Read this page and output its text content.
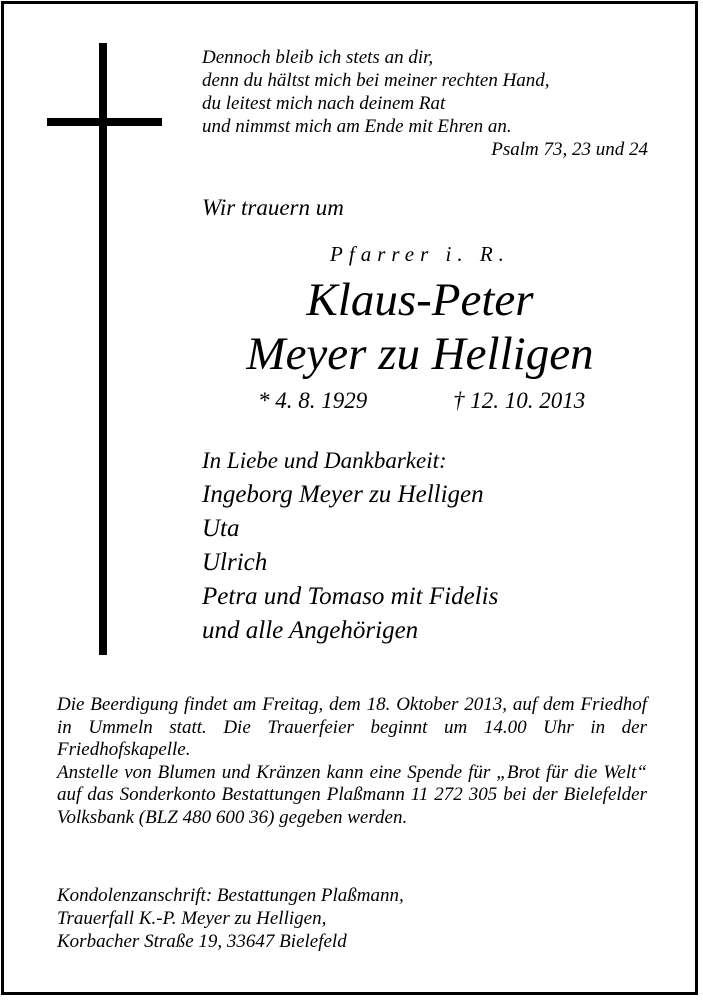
Dennoch bleib ich stets an dir,
denn du hältst mich bei meiner rechten Hand,
du leitest mich nach deinem Rat
und nimmst mich am Ende mit Ehren an.
Psalm 73, 23 und 24
Wir trauern um
Pfarrer i. R.
Klaus-Peter
Meyer zu Helligen
* 4. 8. 1929	† 12. 10. 2013
In Liebe und Dankbarkeit:
Ingeborg Meyer zu Helligen
Uta
Ulrich
Petra und Tomaso mit Fidelis
und alle Angehörigen

Die Beerdigung findet am Freitag, dem 18. Oktober 2013, auf dem Friedhof in Ummeln statt. Die Trauerfeier beginnt um 14.00 Uhr in der Friedhofskapelle.

Anstelle von Blumen und Kränzen kann eine Spende für „Brot für die Welt“ auf das Sonderkonto Bestattungen Plaßmann 11 272 305 bei der Bielefelder Volksbank (BLZ 480 600 36) gegeben werden.

Kondolenzanschrift: Bestattungen Plaßmann,
Trauerfall K.-P. Meyer zu Helligen,
Korbacher Straße 19, 33647 Bielefeld
